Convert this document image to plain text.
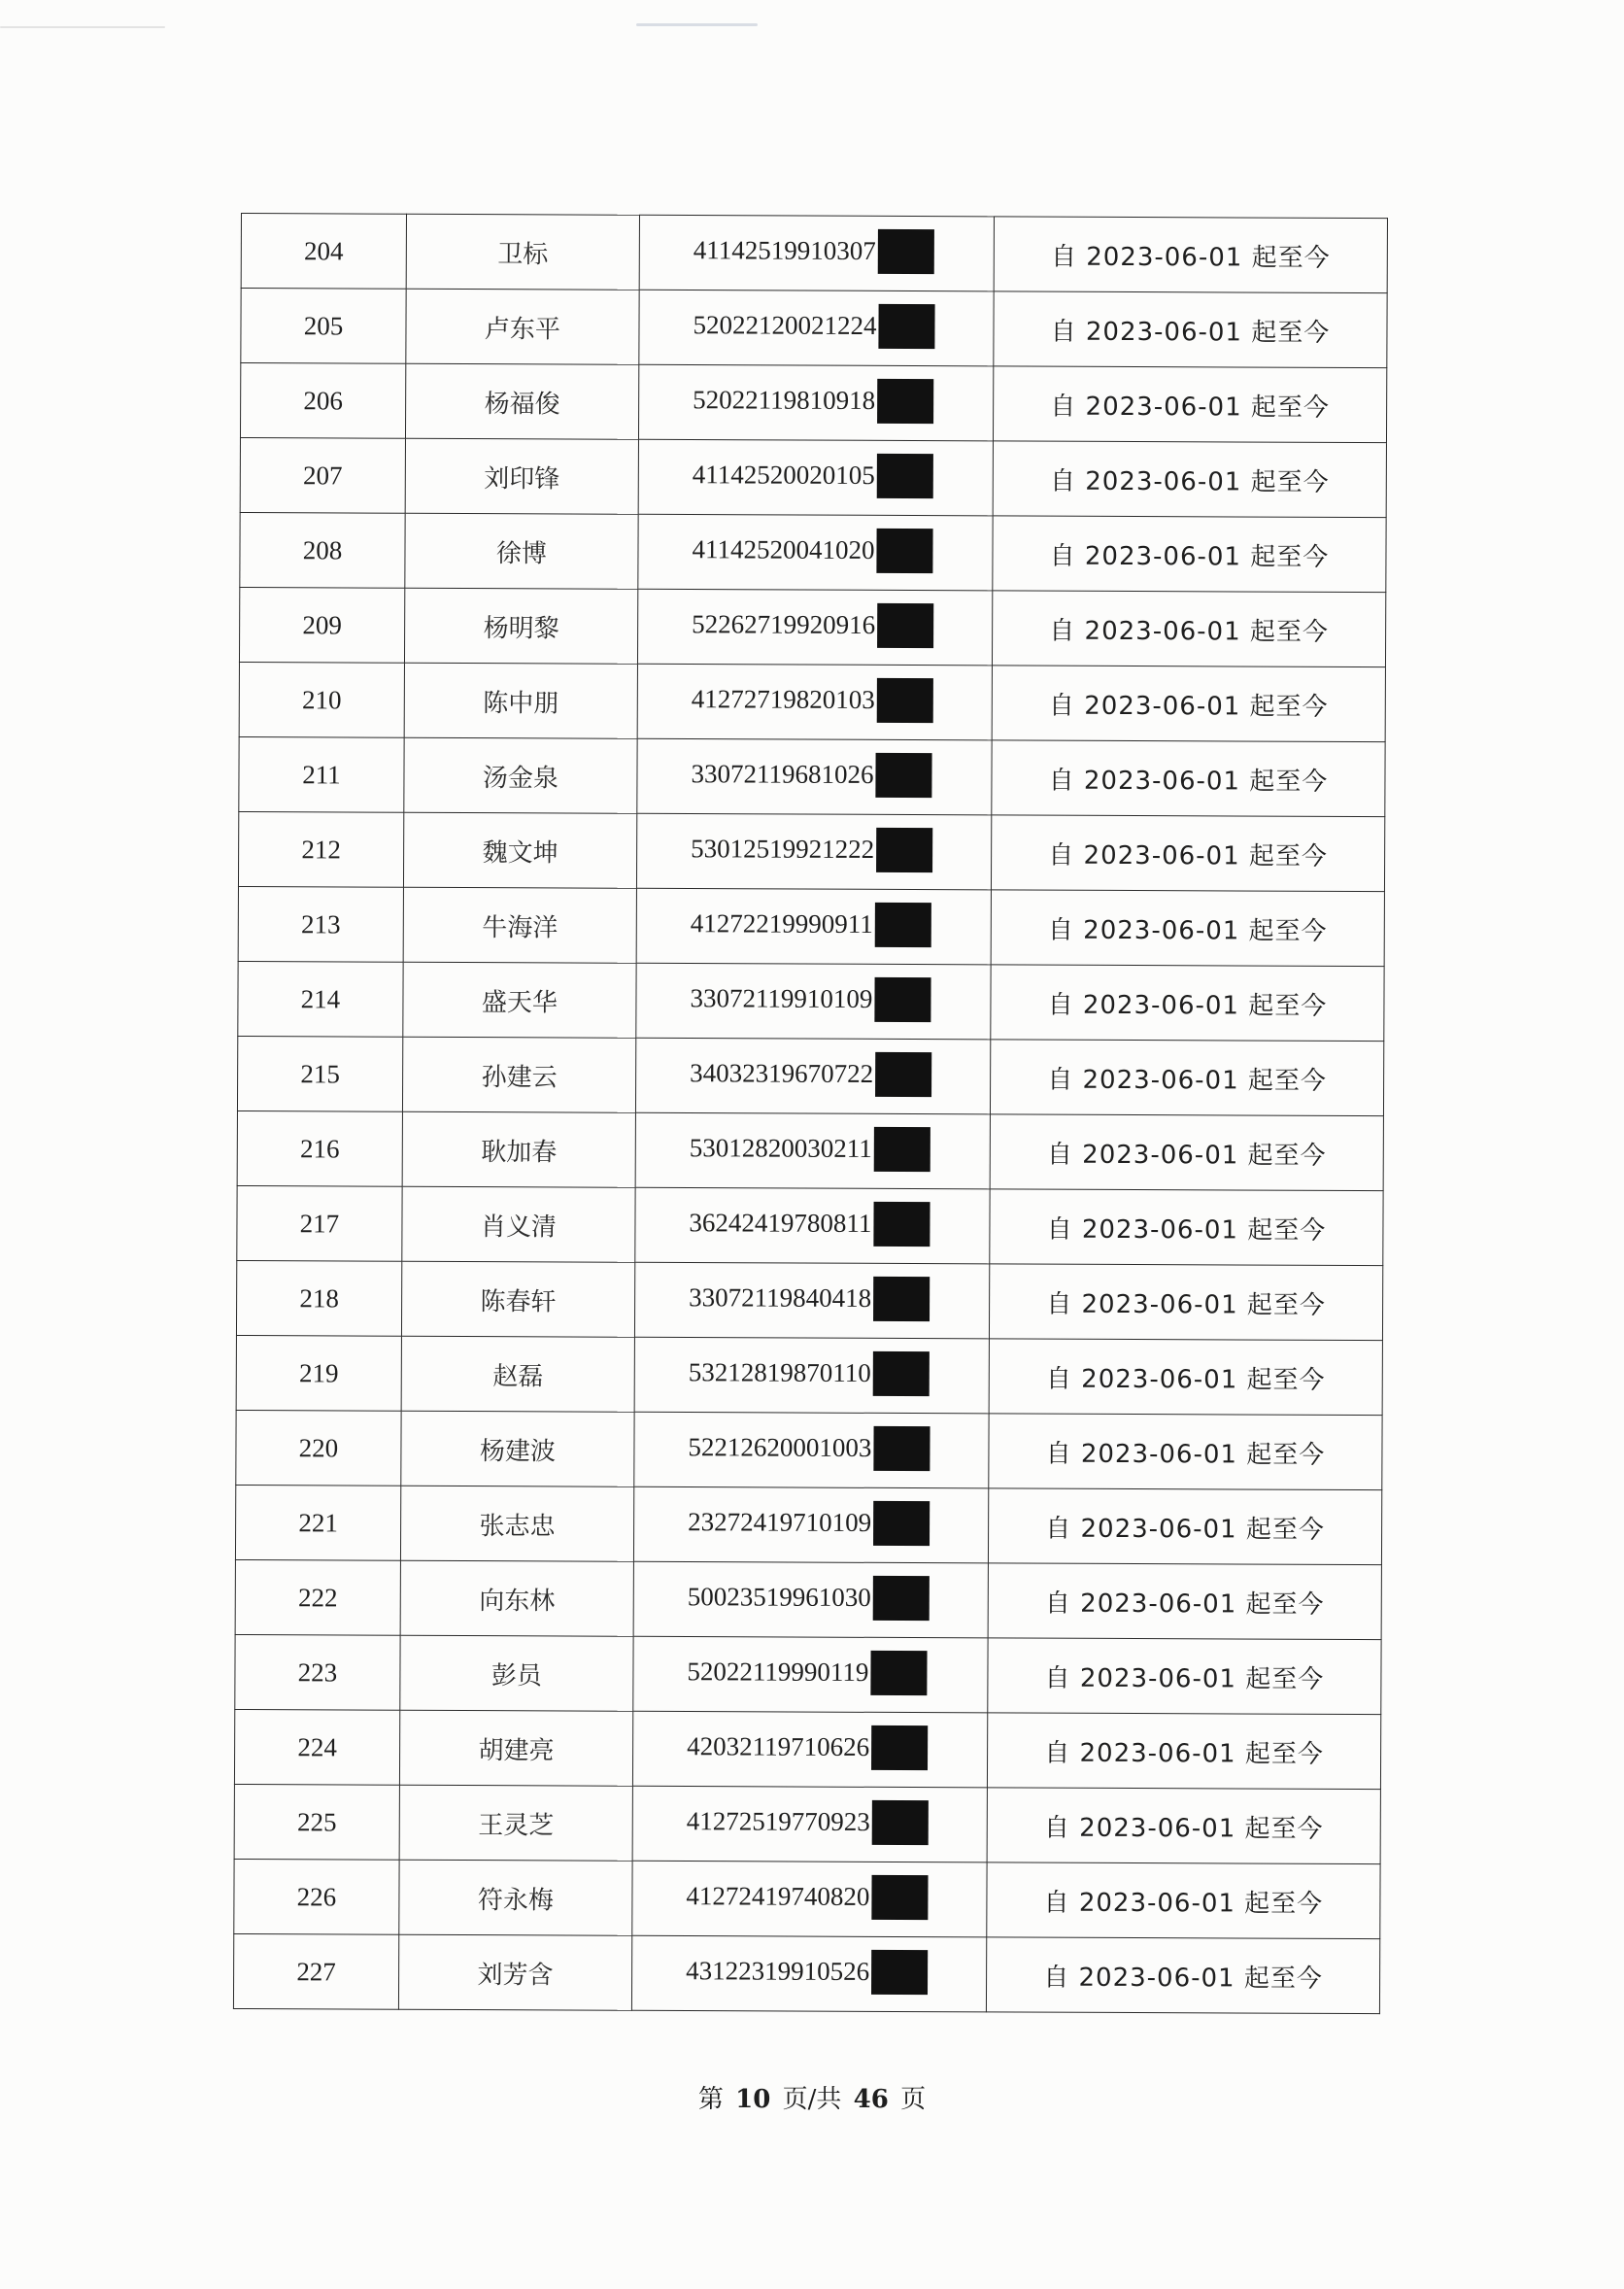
204	卫标	41142519910307	自 2023-06-01 起至今
205	卢东平	52022120021224	自 2023-06-01 起至今
206	杨福俊	52022119810918	自 2023-06-01 起至今
207	刘印锋	41142520020105	自 2023-06-01 起至今
208	徐博	41142520041020	自 2023-06-01 起至今
209	杨明黎	52262719920916	自 2023-06-01 起至今
210	陈中朋	41272719820103	自 2023-06-01 起至今
211	汤金泉	33072119681026	自 2023-06-01 起至今
212	魏文坤	53012519921222	自 2023-06-01 起至今
213	牛海洋	41272219990911	自 2023-06-01 起至今
214	盛天华	33072119910109	自 2023-06-01 起至今
215	孙建云	34032319670722	自 2023-06-01 起至今
216	耿加春	53012820030211	自 2023-06-01 起至今
217	肖义清	36242419780811	自 2023-06-01 起至今
218	陈春轩	33072119840418	自 2023-06-01 起至今
219	赵磊	53212819870110	自 2023-06-01 起至今
220	杨建波	52212620001003	自 2023-06-01 起至今
221	张志忠	23272419710109	自 2023-06-01 起至今
222	向东林	50023519961030	自 2023-06-01 起至今
223	彭员	52022119990119	自 2023-06-01 起至今
224	胡建亮	42032119710626	自 2023-06-01 起至今
225	王灵芝	41272519770923	自 2023-06-01 起至今
226	符永梅	41272419740820	自 2023-06-01 起至今
227	刘芳含	43122319910526	自 2023-06-01 起至今
第 10 页/共 46 页
